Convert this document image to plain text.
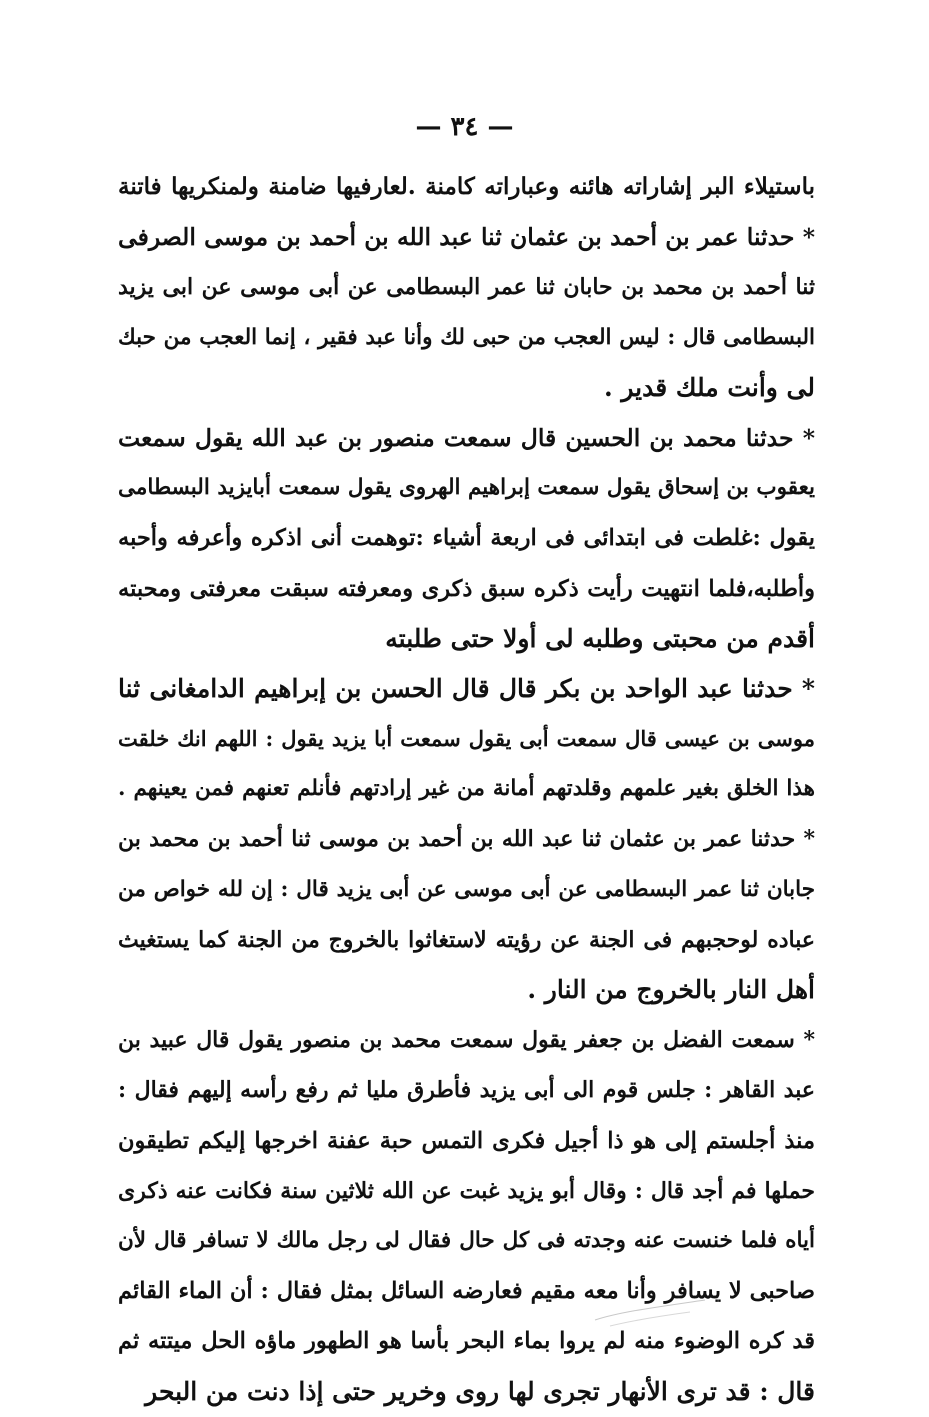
— ٣٤ —
باستيلاء البر إشاراته هائنه وعباراته كامنة .لعارفيها ضامنة ولمنكريها فاتنة
* حدثنا عمر بن أحمد بن عثمان ثنا عبد الله بن أحمد بن موسى الصرفى
ثنا أحمد بن محمد بن حابان ثنا عمر البسطامى عن أبى موسى عن ابى يزيد
البسطامى قال : ليس العجب من حبى لك وأنا عبد فقير ، إنما العجب من حبك
لى وأنت ملك قدير .
* حدثنا محمد بن الحسين قال سمعت منصور بن عبد الله يقول سمعت
يعقوب بن إسحاق يقول سمعت إبراهيم الهروى يقول سمعت أبايزيد البسطامى
يقول :غلطت فى ابتدائى فى اربعة أشياء :توهمت أنى اذكره وأعرفه وأحبه
وأطلبه،فلما انتهيت رأيت ذكره سبق ذكرى ومعرفته سبقت معرفتى ومحبته
أقدم من محبتى وطلبه لى أولا حتى طلبته
* حدثنا عبد الواحد بن بكر قال قال الحسن بن إبراهيم الدامغانى ثنا
موسى بن عيسى قال سمعت أبى يقول سمعت أبا يزيد يقول : اللهم انك خلقت
هذا الخلق بغير علمهم وقلدتهم أمانة من غير إرادتهم فأنلم تعنهم فمن يعينهم .
* حدثنا عمر بن عثمان ثنا عبد الله بن أحمد بن موسى ثنا أحمد بن محمد بن
جابان ثنا عمر البسطامى عن أبى موسى عن أبى يزيد قال : إن لله خواص من
عباده لوحجبهم فى الجنة عن رؤيته لاستغاثوا بالخروج من الجنة كما يستغيث
أهل النار بالخروج من النار .
* سمعت الفضل بن جعفر يقول سمعت محمد بن منصور يقول قال عبيد بن
عبد القاهر : جلس قوم الى أبى يزيد فأطرق مليا ثم رفع رأسه إليهم فقال :
منذ أجلستم إلى هو ذا أجيل فكرى التمس حبة عفنة اخرجها إليكم تطيقون
حملها فم أجد قال : وقال أبو يزيد غبت عن الله ثلاثين سنة فكانت عنه ذكرى
أياه فلما خنست عنه وجدته فى كل حال فقال لى رجل مالك لا تسافر قال لأن
صاحبى لا يسافر وأنا معه مقيم فعارضه السائل بمثل فقال : أن الماء القائم
قد كره الوضوء منه لم يروا بماء البحر بأسا هو الطهور ماؤه الحل ميتته ثم
قال : قد ترى الأنهار تجرى لها روى وخرير حتى إذا دنت من البحر
